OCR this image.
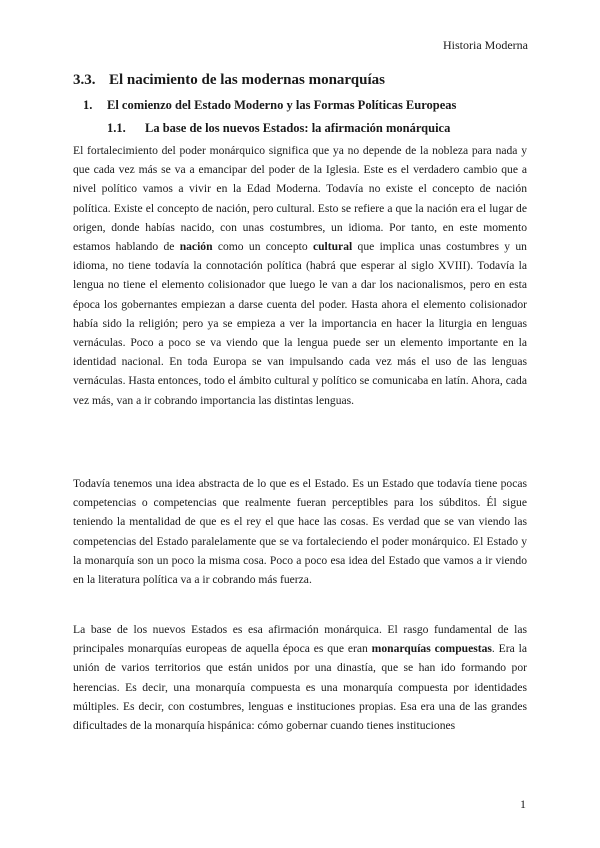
Historia Moderna
3.3. El nacimiento de las modernas monarquías
1.	El comienzo del Estado Moderno y las Formas Políticas Europeas
1.1.	La base de los nuevos Estados: la afirmación monárquica

El fortalecimiento del poder monárquico significa que ya no depende de la nobleza para nada y que cada vez más se va a emancipar del poder de la Iglesia. Este es el verdadero cambio que a nivel político vamos a vivir en la Edad Moderna. Todavía no existe el concepto de nación política. Existe el concepto de nación, pero cultural. Esto se refiere a que la nación era el lugar de origen, donde habías nacido, con unas costumbres, un idioma. Por tanto, en este momento estamos hablando de nación como un concepto cultural que implica unas costumbres y un idioma, no tiene todavía la connotación política (habrá que esperar al siglo XVIII). Todavía la lengua no tiene el elemento colisionador que luego le van a dar los nacionalismos, pero en esta época los gobernantes empiezan a darse cuenta del poder. Hasta ahora el elemento colisionador había sido la religión; pero ya se empieza a ver la importancia en hacer la liturgia en lenguas vernáculas. Poco a poco se va viendo que la lengua puede ser un elemento importante en la identidad nacional. En toda Europa se van impulsando cada vez más el uso de las lenguas vernáculas. Hasta entonces, todo el ámbito cultural y político se comunicaba en latín. Ahora, cada vez más, van a ir cobrando importancia las distintas lenguas.

Todavía tenemos una idea abstracta de lo que es el Estado. Es un Estado que todavía tiene pocas competencias o competencias que realmente fueran perceptibles para los súbditos. Él sigue teniendo la mentalidad de que es el rey el que hace las cosas. Es verdad que se van viendo las competencias del Estado paralelamente que se va fortaleciendo el poder monárquico. El Estado y la monarquía son un poco la misma cosa. Poco a poco esa idea del Estado que vamos a ir viendo en la literatura política va a ir cobrando más fuerza.

La base de los nuevos Estados es esa afirmación monárquica. El rasgo fundamental de las principales monarquías europeas de aquella época es que eran monarquías compuestas. Era la unión de varios territorios que están unidos por una dinastía, que se han ido formando por herencias. Es decir, una monarquía compuesta es una monarquía compuesta por identidades múltiples. Es decir, con costumbres, lenguas e instituciones propias. Esa era una de las grandes dificultades de la monarquía hispánica: cómo gobernar cuando tienes instituciones

1
